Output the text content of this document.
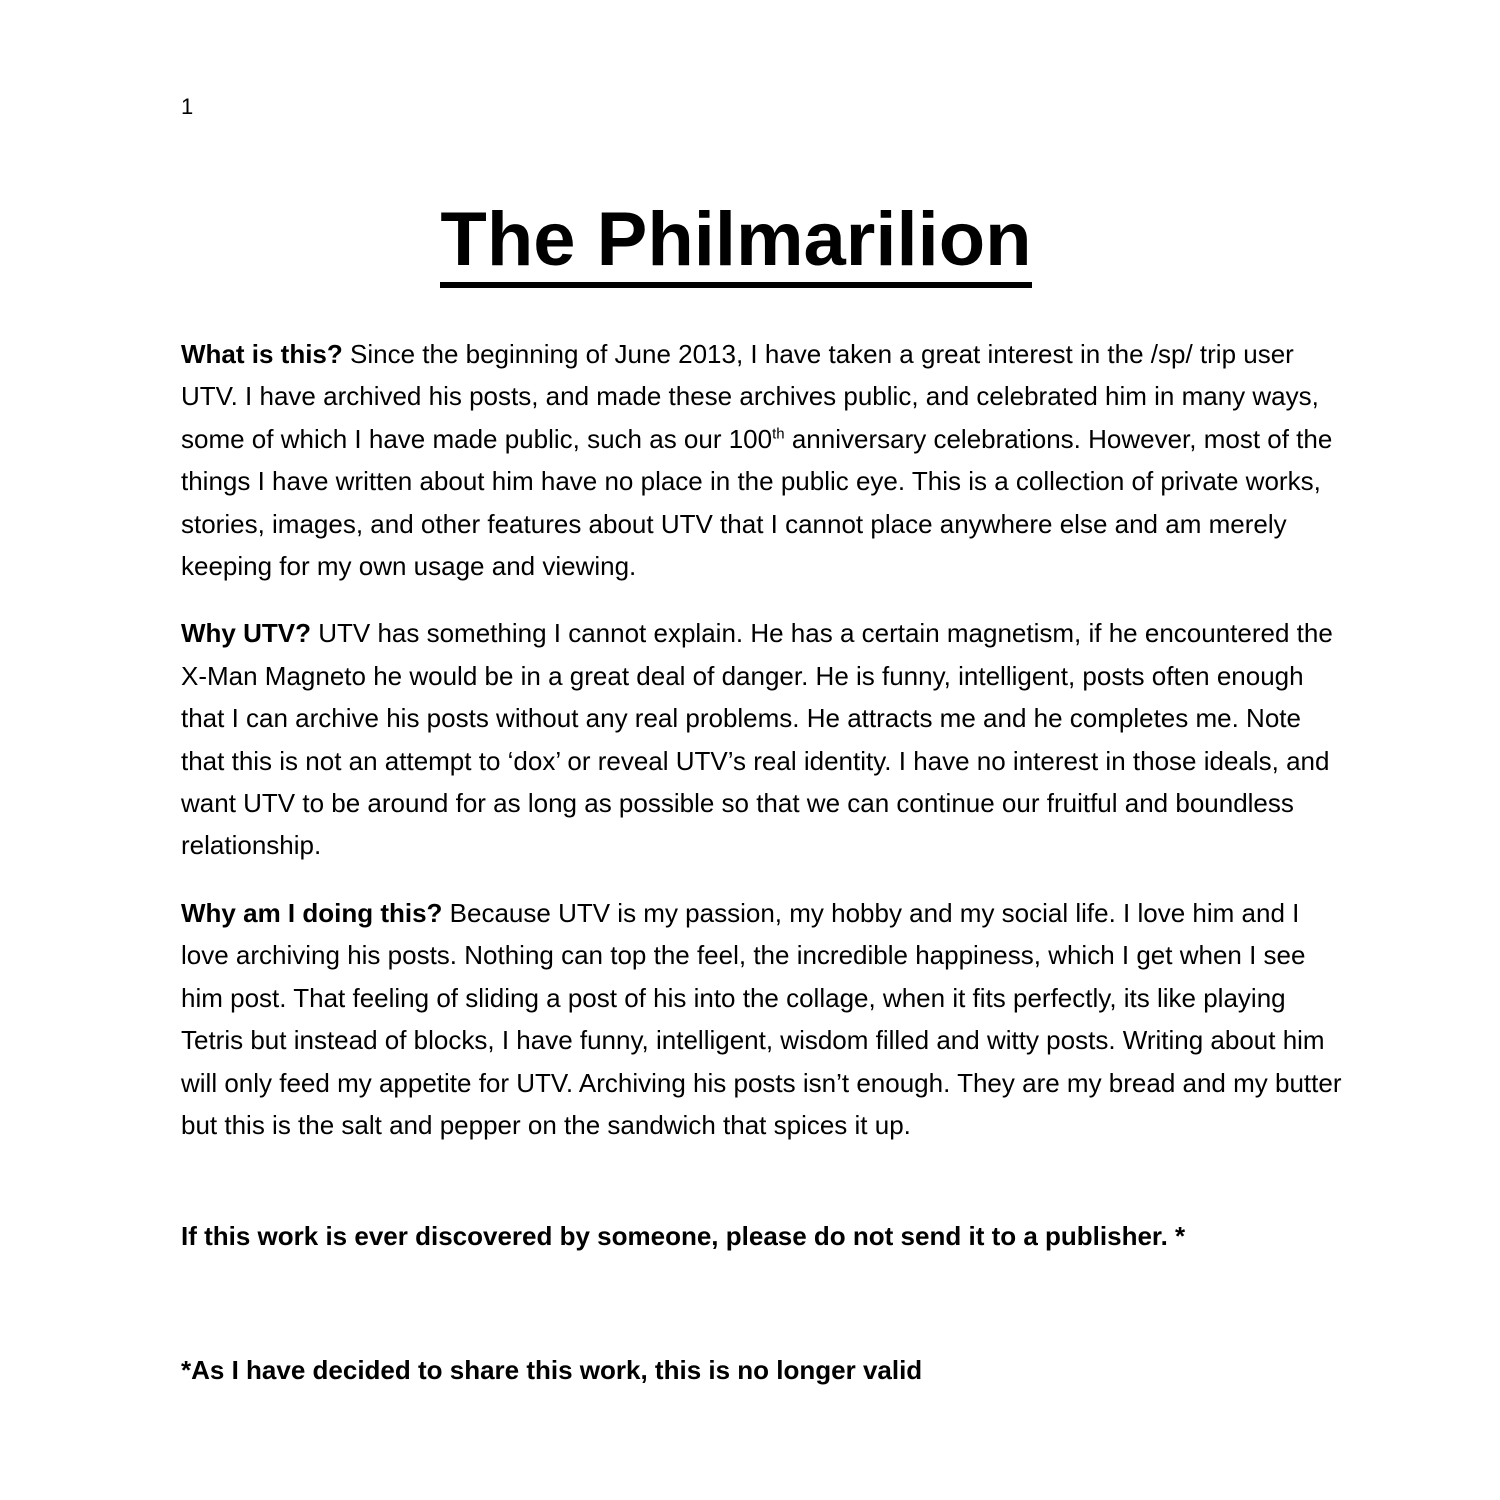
1
The Philmarilion

What is this? Since the beginning of June 2013, I have taken a great interest in the /sp/ trip user UTV. I have archived his posts, and made these archives public, and celebrated him in many ways, some of which I have made public, such as our 100th anniversary celebrations. However, most of the things I have written about him have no place in the public eye. This is a collection of private works, stories, images, and other features about UTV that I cannot place anywhere else and am merely keeping for my own usage and viewing.

Why UTV? UTV has something I cannot explain. He has a certain magnetism, if he encountered the X-Man Magneto he would be in a great deal of danger. He is funny, intelligent, posts often enough that I can archive his posts without any real problems. He attracts me and he completes me. Note that this is not an attempt to ‘dox’ or reveal UTV’s real identity. I have no interest in those ideals, and want UTV to be around for as long as possible so that we can continue our fruitful and boundless relationship.

Why am I doing this? Because UTV is my passion, my hobby and my social life. I love him and I love archiving his posts. Nothing can top the feel, the incredible happiness, which I get when I see him post. That feeling of sliding a post of his into the collage, when it fits perfectly, its like playing Tetris but instead of blocks, I have funny, intelligent, wisdom filled and witty posts. Writing about him will only feed my appetite for UTV. Archiving his posts isn’t enough. They are my bread and my butter but this is the salt and pepper on the sandwich that spices it up.

If this work is ever discovered by someone, please do not send it to a publisher. *

*As I have decided to share this work, this is no longer valid
